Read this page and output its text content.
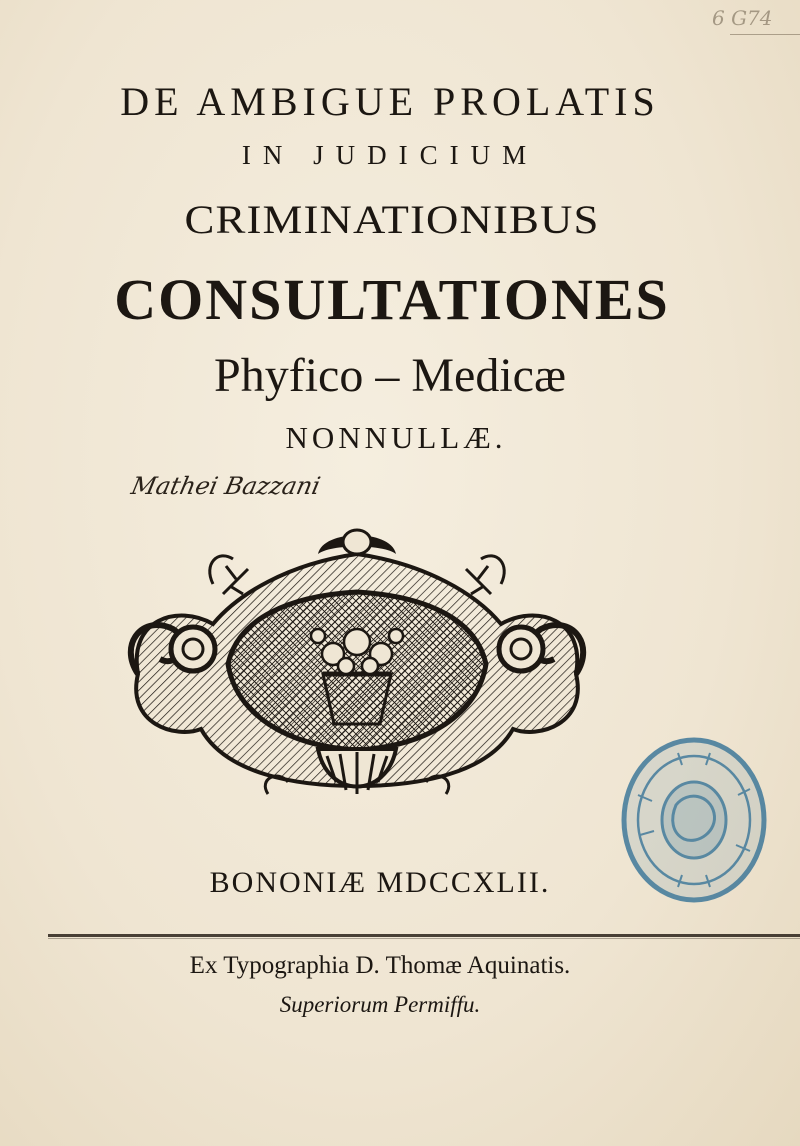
6 G74
DE AMBIGUE PROLATIS
IN JUDICIUM
CRIMINATIONIBUS
CONSULTATIONES
Phyfico – Medicæ
NONNULLÆ.
Mathei Bazzani
BONONIÆ MDCCXLII.
Ex Typographia D. Thomæ Aquinatis.
Superiorum Permiffu.
